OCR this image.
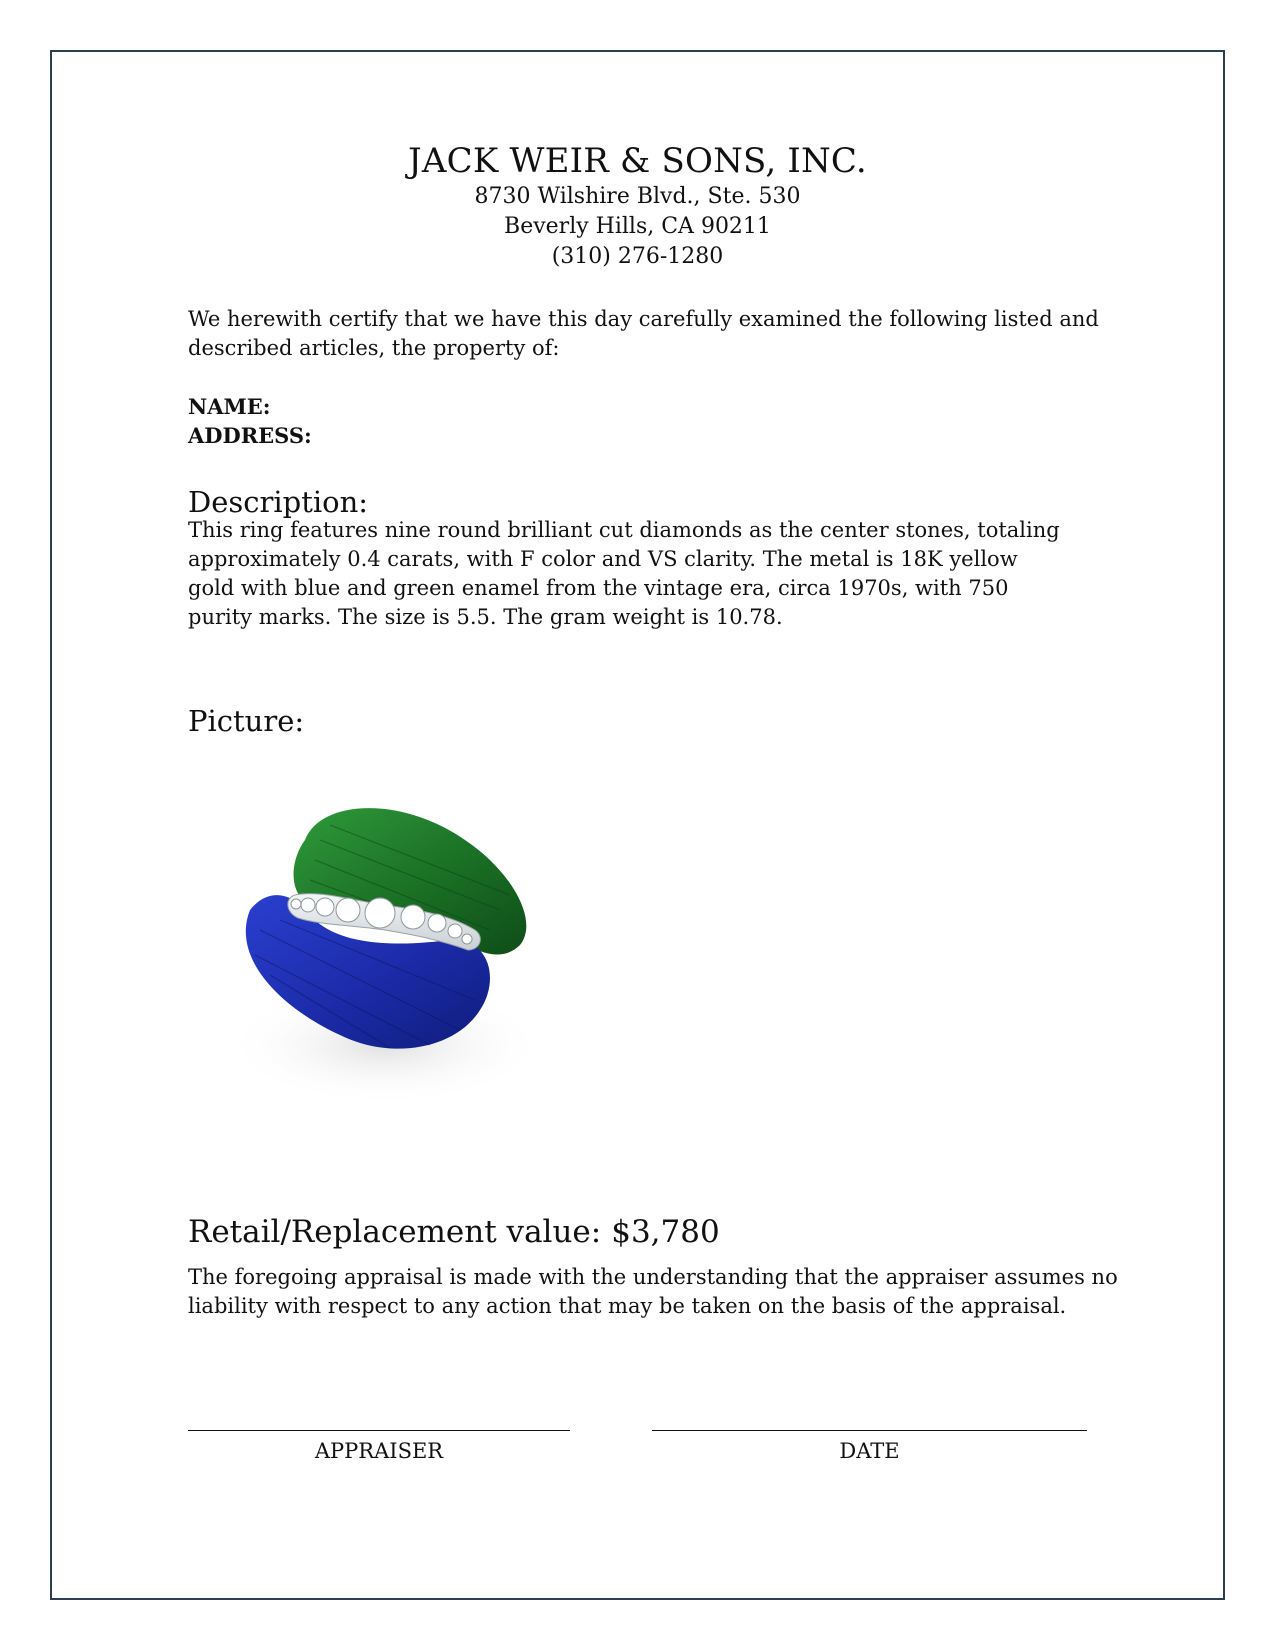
JACK WEIR & SONS, INC.

8730 Wilshire Blvd., Ste. 530

Beverly Hills, CA 90211

(310) 276-1280

We herewith certify that we have this day carefully examined the following listed and described articles, the property of:

NAME:

ADDRESS:

Description:

This ring features nine round brilliant cut diamonds as the center stones, totaling approximately 0.4 carats, with F color and VS clarity. The metal is 18K yellow gold with blue and green enamel from the vintage era, circa 1970s, with 750 purity marks. The size is 5.5. The gram weight is 10.78.

Picture:
Retail/Replacement value: $3,780

The foregoing appraisal is made with the understanding that the appraiser assumes no liability with respect to any action that may be taken on the basis of the appraisal.

APPRAISER	DATE
